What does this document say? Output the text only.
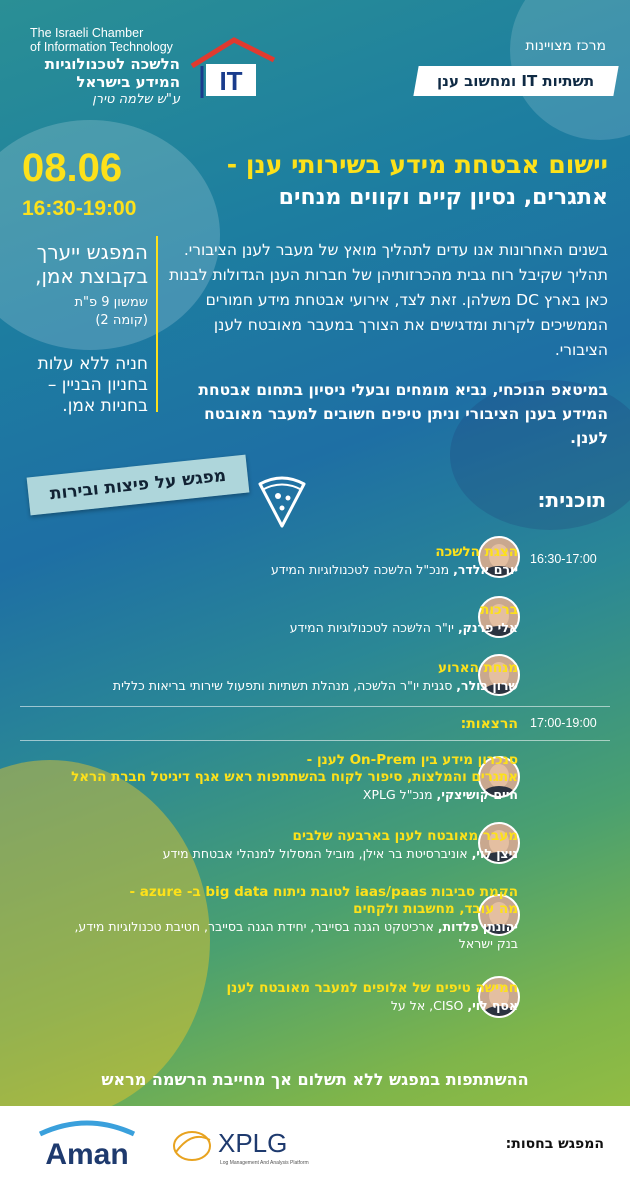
The Israeli Chamber
of Information Technology
הלשכה לטכנולוגיות
המידע בישראל
ע"ש שלמה טירן
IT
מרכז מצויינות
תשתיות IT ומחשוב ענן
08.06
16:30-19:00
יישום אבטחת מידע בשירותי ענן -
אתגרים, נסיון קיים וקווים מנחים
המפגש ייערך
בקבוצת אמן,
שמשון 9 פ"ת
(קומה 2)
חניה ללא עלות
בחניון הבניין –
בחניות אמן.
בשנים האחרונות אנו עדים לתהליך מואץ של מעבר לענן הציבורי. תהליך שקיבל רוח גבית מהכרזותיהן של חברות הענן הגדולות לבנות כאן בארץ DC משלהן. זאת לצד, אירועי אבטחת מידע חמורים הממשיכים לקרות ומדגישים את הצורך במעבר מאובטח לענן הציבורי.
במיטאפ הנוכחי, נביא מומחים ובעלי ניסיון בתחום אבטחת המידע בענן הציבורי וניתן טיפים חשובים למעבר מאובטח לענן.
מפגש על פיצות ובירות	תוכנית:
16:30-17:00
הצגת הלשכה
יורם אלדר, מנכ"ל הלשכה לטכנולוגיות המידע
ברכות
אלי פרנק, יו"ר הלשכה לטכנולוגיות המידע
מנחת הארוע
שרון בולר, סגנית יו"ר הלשכה, מנהלת תשתיות ותפעול שירותי בריאות כללית
17:00-19:00
הרצאות:
סנכרון מידע בין On-Prem לענן -
אתגרים והמלצות, סיפור לקוח בהשתתפות ראש אגף דיגיטל חברת הראל
חיים קושיצקי, מנכ"ל XPLG
מעבר מאובטח לענן בארבעה שלבים
ניצן לוי, אוניברסיטת בר אילן, מוביל המסלול למנהלי אבטחת מידע
הקמת סביבות iaas/paas לטובת ניתוח big data ב- azure -
מה עובד, מחשבות ולקחים
יהונתן פלדות, ארכיטקט הגנה בסייבר, יחידת הגנה בסייבר, חטיבת טכנולוגיות מידע,
בנק ישראל
חמישה טיפים של אלופים למעבר מאובטח לענן
אסף לוי, CISO, אל על
ההשתתפות במפגש ללא תשלום אך מחייבת הרשמה מראש
המפגש בחסות:
Aman	XPLG
Log Management And Analysis Platform
